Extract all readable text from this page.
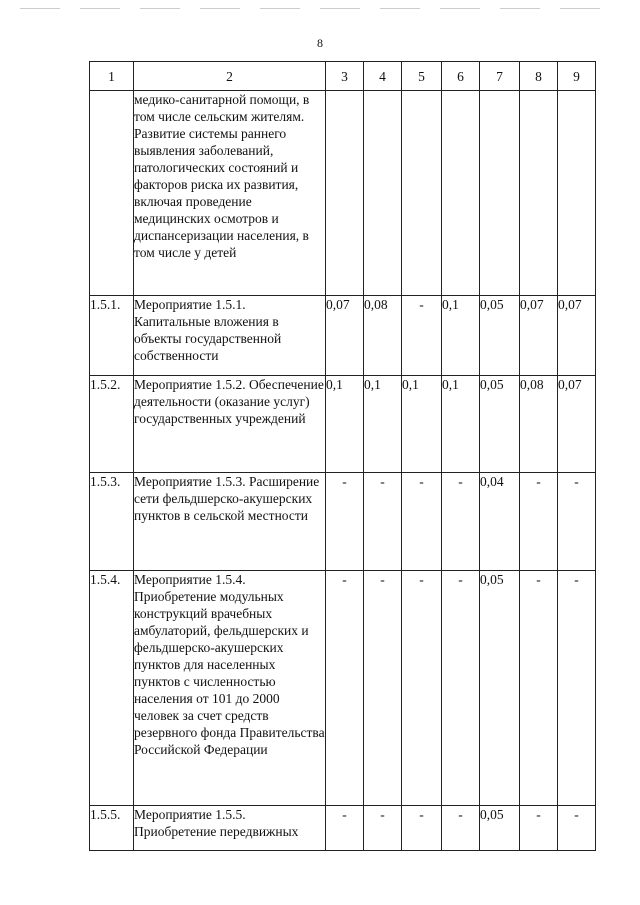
8
1	2	3	4	5	6	7	8	9
	медико-санитарной помощи, в том числе сельским жителям. Развитие системы раннего выявления заболеваний, патологических состояний и факторов риска их развития, включая проведение медицинских осмотров и диспансеризации населения, в том числе у детей							
1.5.1.	Мероприятие 1.5.1. Капитальные вложения в объекты государственной собственности	0,07	0,08	-	0,1	0,05	0,07	0,07
1.5.2.	Мероприятие 1.5.2. Обеспечение деятельности (оказание услуг) государственных учреждений	0,1	0,1	0,1	0,1	0,05	0,08	0,07
1.5.3.	Мероприятие 1.5.3. Расширение сети фельдшерско-акушерских пунктов в сельской местности	-	-	-	-	0,04	-	-
1.5.4.	Мероприятие 1.5.4. Приобретение модульных конструкций врачебных амбулаторий, фельдшерских и фельдшерско-акушерских пунктов для населенных пунктов с численностью населения от 101 до 2000 человек за счет средств резервного фонда Правительства Российской Федерации	-	-	-	-	0,05	-	-
1.5.5.	Мероприятие 1.5.5. Приобретение передвижных	-	-	-	-	0,05	-	-
